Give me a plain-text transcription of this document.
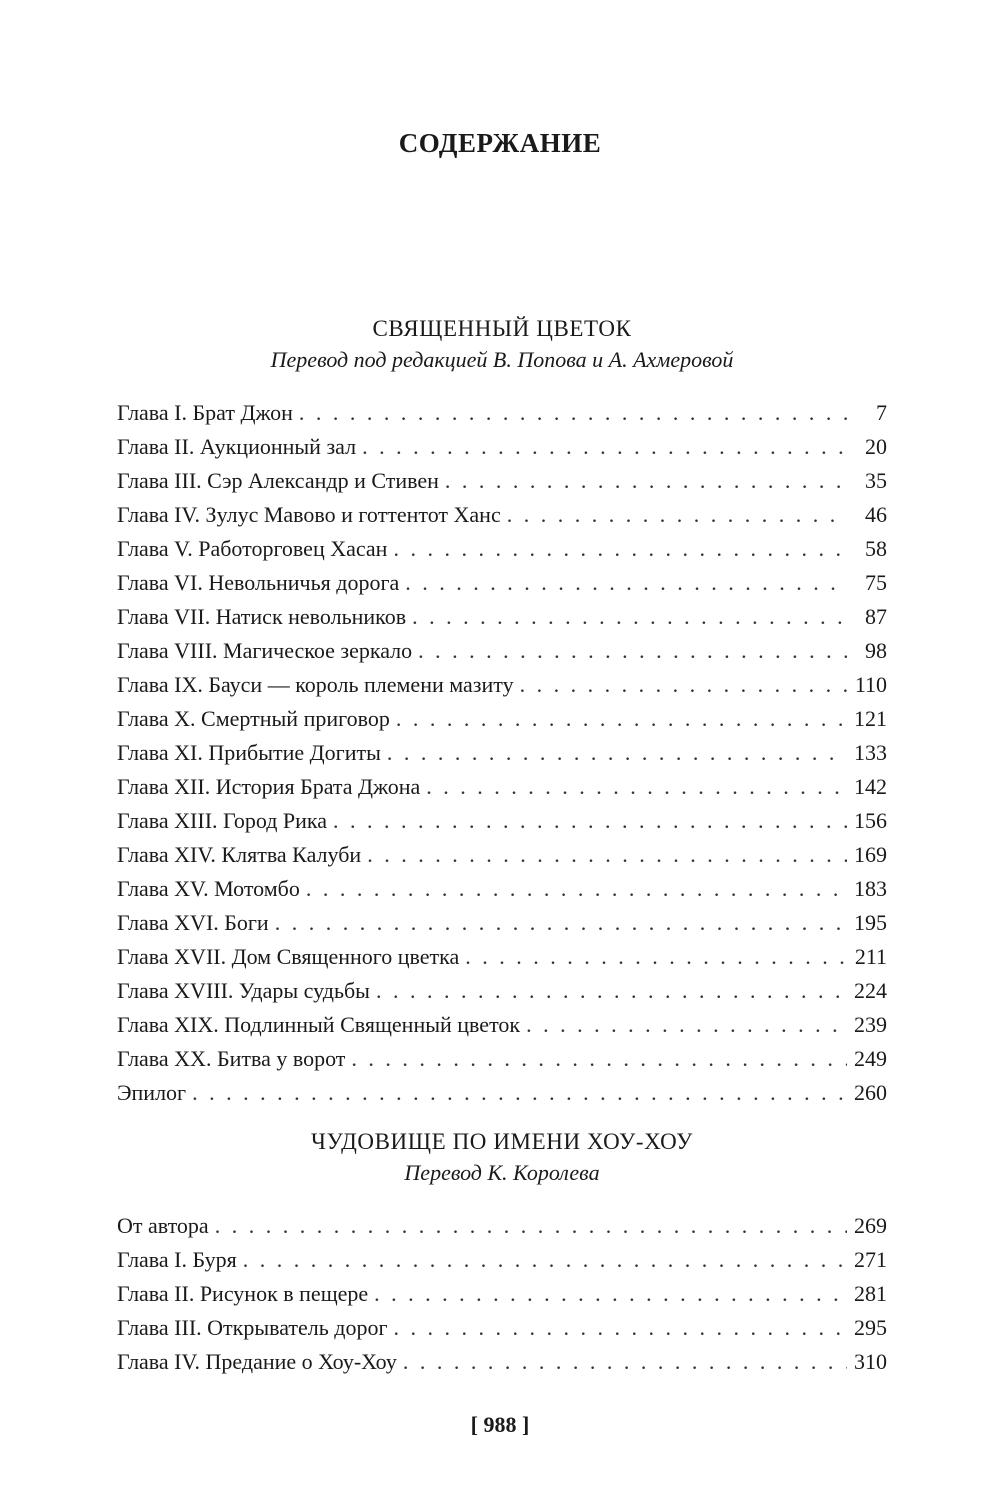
СОДЕРЖАНИЕ
СВЯЩЕННЫЙ ЦВЕТОК
Перевод под редакцией В. Попова и А. Ахмеровой
Глава I. Брат Джон . . .	7
Глава II. Аукционный зал . . .	20
Глава III. Сэр Александр и Стивен . . .	35
Глава IV. Зулус Мавово и готтентот Ханс . . .	46
Глава V. Работорговец Хасан . . .	58
Глава VI. Невольничья дорога . . .	75
Глава VII. Натиск невольников . . .	87
Глава VIII. Магическое зеркало . . .	98
Глава IX. Бауси — король племени мазиту . . .	110
Глава X. Смертный приговор . . .	121
Глава XI. Прибытие Догиты . . .	133
Глава XII. История Брата Джона . . .	142
Глава XIII. Город Рика . . .	156
Глава XIV. Клятва Калуби . . .	169
Глава XV. Мотомбо . . .	183
Глава XVI. Боги . . .	195
Глава XVII. Дом Священного цветка . . .	211
Глава XVIII. Удары судьбы . . .	224
Глава XIX. Подлинный Священный цветок . . .	239
Глава XX. Битва у ворот . . .	249
Эпилог . . .	260
ЧУДОВИЩЕ ПО ИМЕНИ ХОУ-ХОУ
Перевод К. Королева
От автора . . .	269
Глава I. Буря . . .	271
Глава II. Рисунок в пещере . . .	281
Глава III. Открыватель дорог . . .	295
Глава IV. Предание о Хоу-Хоу . . .	310
[ 988 ]
